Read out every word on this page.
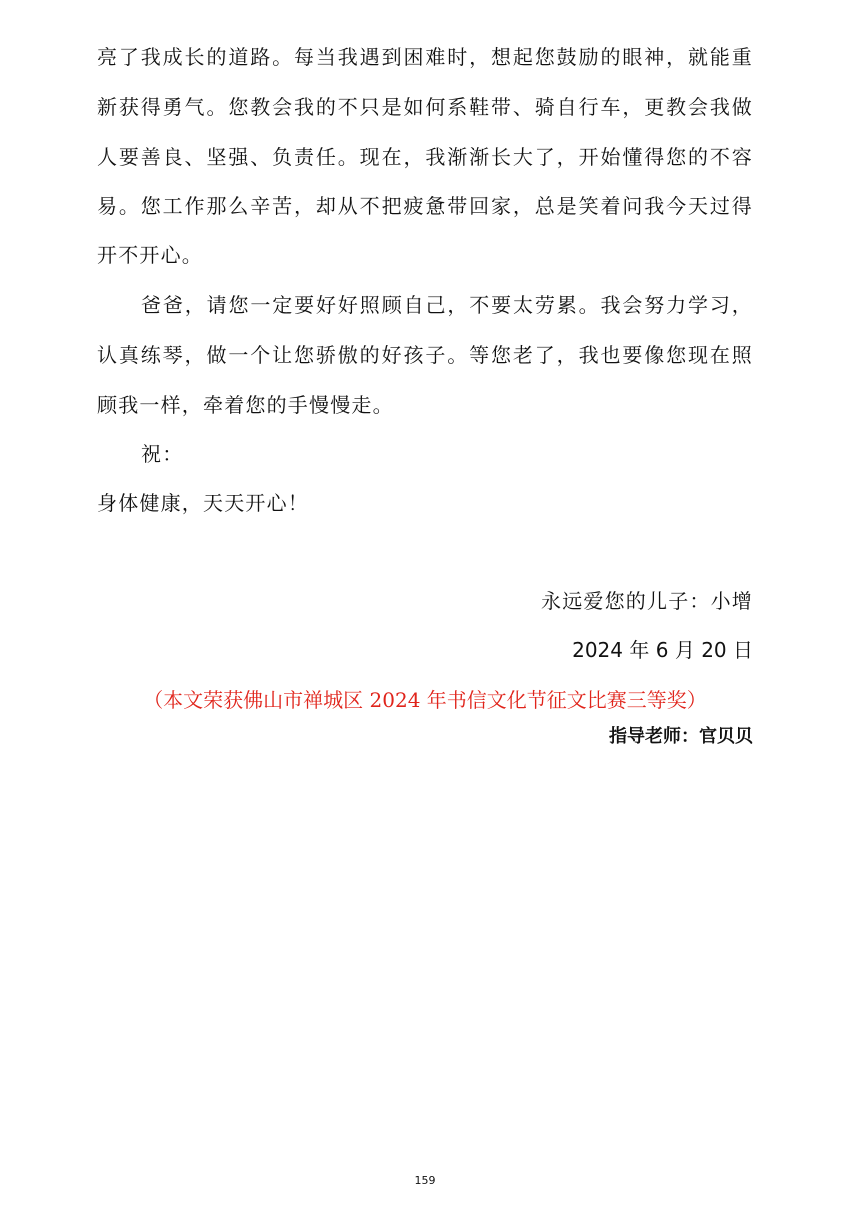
亮了我成长的道路。每当我遇到困难时，想起您鼓励的眼神，就能重
新获得勇气。您教会我的不只是如何系鞋带、骑自行车，更教会我做
人要善良、坚强、负责任。现在，我渐渐长大了，开始懂得您的不容
易。您工作那么辛苦，却从不把疲惫带回家，总是笑着问我今天过得
开不开心。
爸爸，请您一定要好好照顾自己，不要太劳累。我会努力学习，
认真练琴，做一个让您骄傲的好孩子。等您老了，我也要像您现在照
顾我一样，牵着您的手慢慢走。
祝：
身体健康，天天开心！
永远爱您的儿子：小增
2024 年 6 月 20 日
（本文荣获佛山市禅城区 2024 年书信文化节征文比赛三等奖）
指导老师：官贝贝
159
